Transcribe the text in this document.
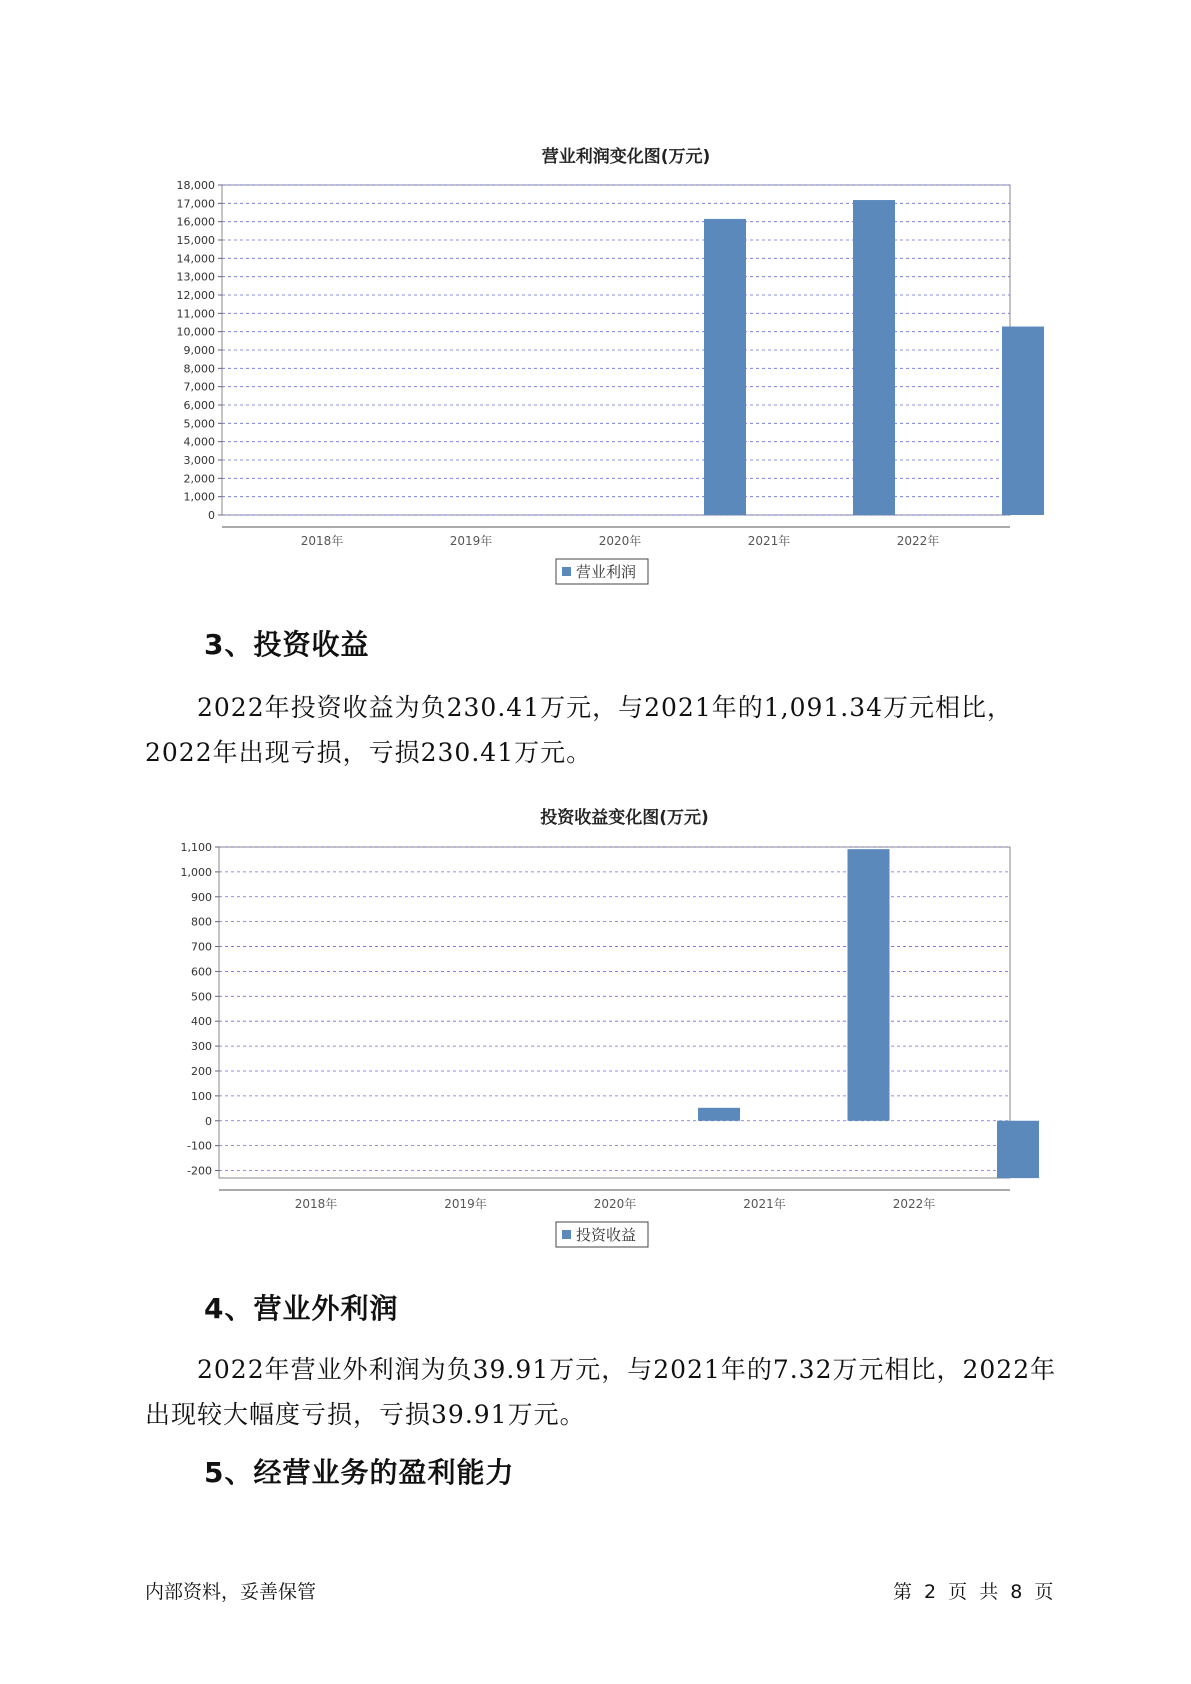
营业利润变化图(万元)
0
1,000
2,000
3,000
4,000
5,000
6,000
7,000
8,000
9,000
10,000
11,000
12,000
13,000
14,000
15,000
16,000
17,000
18,000
2018年	2019年	2020年	2021年	2022年
营业利润
投资收益变化图(万元)
-200
-100
0
100
200
300
400
500
600
700
800
900
1,000
1,100
2018年	2019年	2020年	2021年	2022年
投资收益
3、投资收益
2022年投资收益为负230.41万元，与2021年的1,091.34万元相比，2022年出现亏损，亏损230.41万元。
4、营业外利润
2022年营业外利润为负39.91万元，与2021年的7.32万元相比，2022年出现较大幅度亏损，亏损39.91万元。
5、经营业务的盈利能力
内部资料，妥善保管	第 2 页 共 8 页
